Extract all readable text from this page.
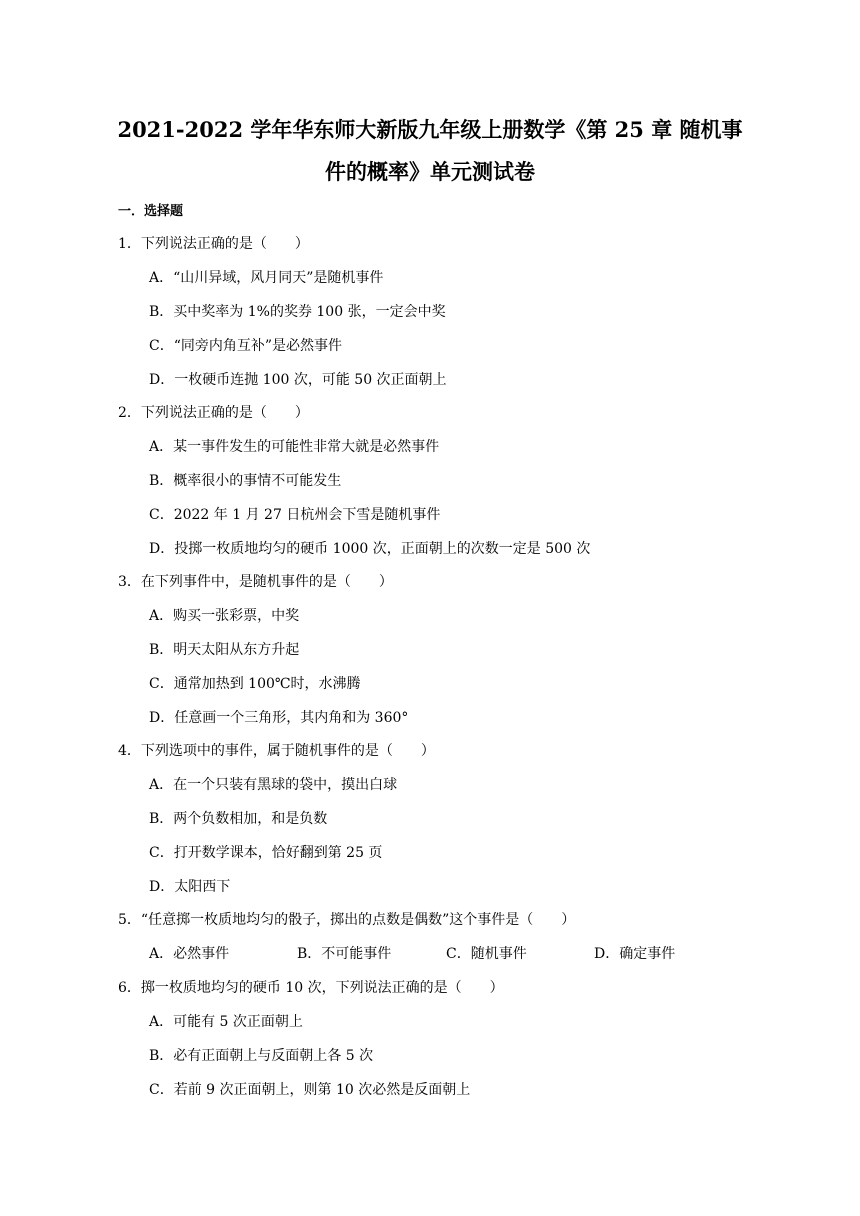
2021-2022 学年华东师大新版九年级上册数学《第 25 章 随机事
件的概率》单元测试卷
一．选择题
1．下列说法正确的是（　　）
A．“山川异域，风月同天”是随机事件
B．买中奖率为 1%的奖券 100 张，一定会中奖
C．“同旁内角互补”是必然事件
D．一枚硬币连抛 100 次，可能 50 次正面朝上
2．下列说法正确的是（　　）
A．某一事件发生的可能性非常大就是必然事件
B．概率很小的事情不可能发生
C．2022 年 1 月 27 日杭州会下雪是随机事件
D．投掷一枚质地均匀的硬币 1000 次，正面朝上的次数一定是 500 次
3．在下列事件中，是随机事件的是（　　）
A．购买一张彩票，中奖
B．明天太阳从东方升起
C．通常加热到 100℃时，水沸腾
D．任意画一个三角形，其内角和为 360°
4．下列选项中的事件，属于随机事件的是（　　）
A．在一个只装有黑球的袋中，摸出白球
B．两个负数相加，和是负数
C．打开数学课本，恰好翻到第 25 页
D．太阳西下
5．“任意掷一枚质地均匀的骰子，掷出的点数是偶数”这个事件是（　　）
A．必然事件	B．不可能事件	C．随机事件	D．确定事件
6．掷一枚质地均匀的硬币 10 次，下列说法正确的是（　　）
A．可能有 5 次正面朝上
B．必有正面朝上与反面朝上各 5 次
C．若前 9 次正面朝上，则第 10 次必然是反面朝上
